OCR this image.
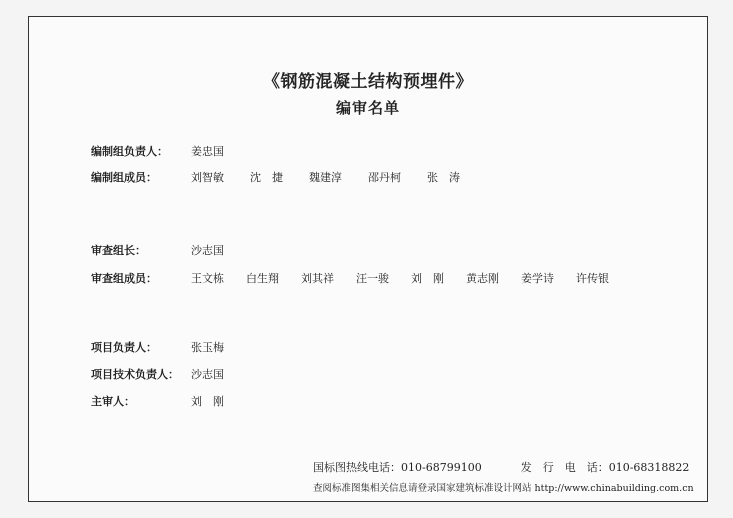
《钢筋混凝土结构预埋件》
编审名单
编制组负责人：	姜忠国
编制组成员：	刘智敏 沈　捷 魏建淳 邵丹柯 张　涛
审查组长：	沙志国
审查组成员：	王文栋 白生翔 刘其祥 汪一骏 刘　刚 黄志刚 姜学诗 许传银
项目负责人：	张玉梅
项目技术负责人：	沙志国
主审人：	刘　刚
国标图热线电话：010-68799100	发　行　电　话：010-68318822
查阅标准图集相关信息请登录国家建筑标准设计网站 http://www.chinabuilding.com.cn
